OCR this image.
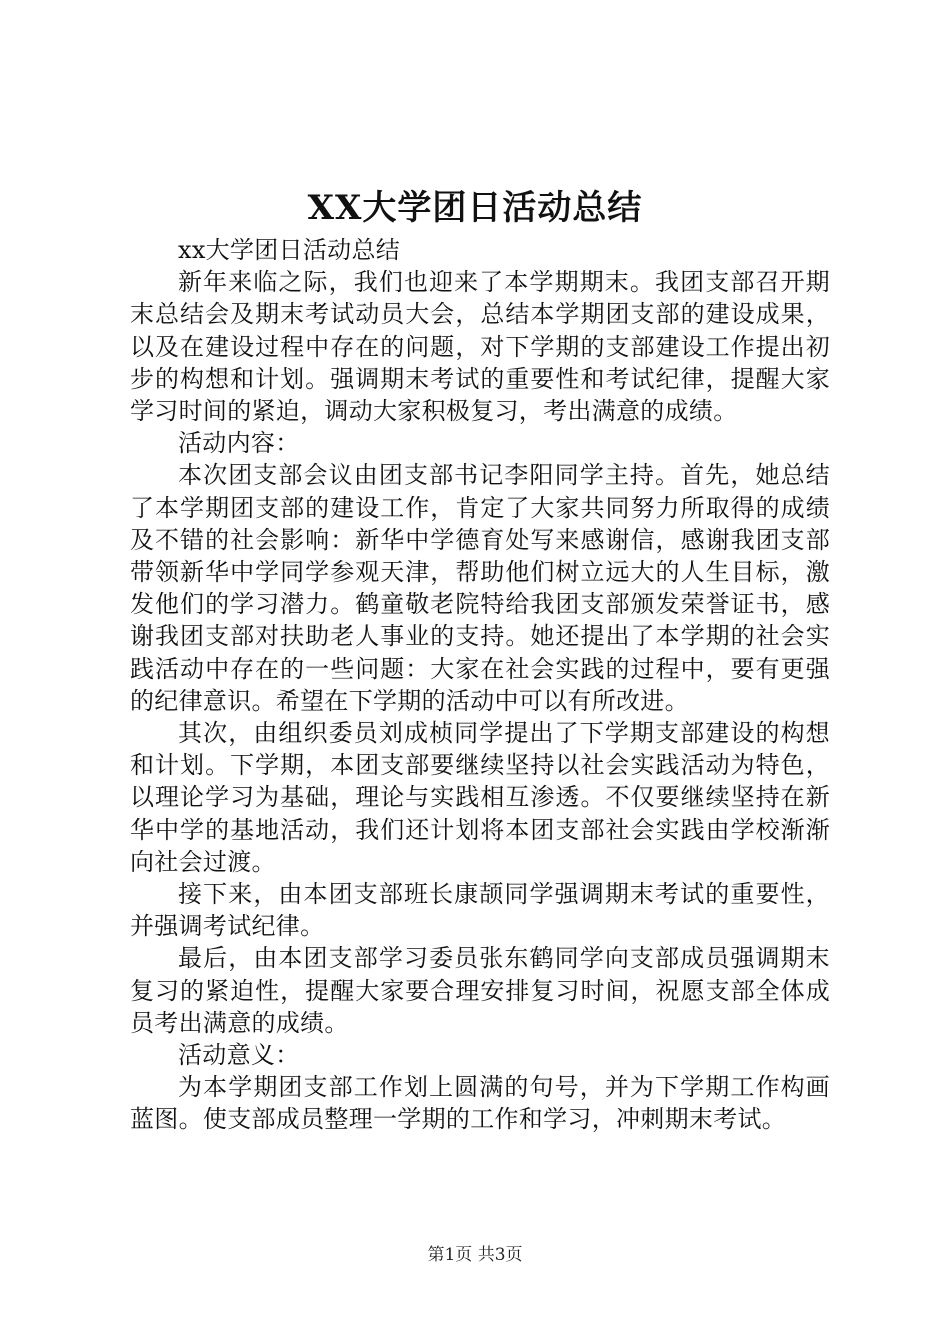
XX大学团日活动总结

xx大学团日活动总结

新年来临之际，我们也迎来了本学期期末。我团支部召开期末总结会及期末考试动员大会，总结本学期团支部的建设成果，以及在建设过程中存在的问题，对下学期的支部建设工作提出初步的构想和计划。强调期末考试的重要性和考试纪律，提醒大家学习时间的紧迫，调动大家积极复习，考出满意的成绩。

活动内容：

本次团支部会议由团支部书记李阳同学主持。首先，她总结了本学期团支部的建设工作，肯定了大家共同努力所取得的成绩及不错的社会影响：新华中学德育处写来感谢信，感谢我团支部带领新华中学同学参观天津，帮助他们树立远大的人生目标，激发他们的学习潜力。鹤童敬老院特给我团支部颁发荣誉证书，感谢我团支部对扶助老人事业的支持。她还提出了本学期的社会实践活动中存在的一些问题：大家在社会实践的过程中，要有更强的纪律意识。希望在下学期的活动中可以有所改进。

其次，由组织委员刘成桢同学提出了下学期支部建设的构想和计划。下学期，本团支部要继续坚持以社会实践活动为特色，以理论学习为基础，理论与实践相互渗透。不仅要继续坚持在新华中学的基地活动，我们还计划将本团支部社会实践由学校渐渐向社会过渡。

接下来，由本团支部班长康颉同学强调期末考试的重要性，并强调考试纪律。

最后，由本团支部学习委员张东鹤同学向支部成员强调期末复习的紧迫性，提醒大家要合理安排复习时间，祝愿支部全体成员考出满意的成绩。

活动意义：

为本学期团支部工作划上圆满的句号，并为下学期工作构画蓝图。使支部成员整理一学期的工作和学习，冲刺期末考试。

第1页 共3页
